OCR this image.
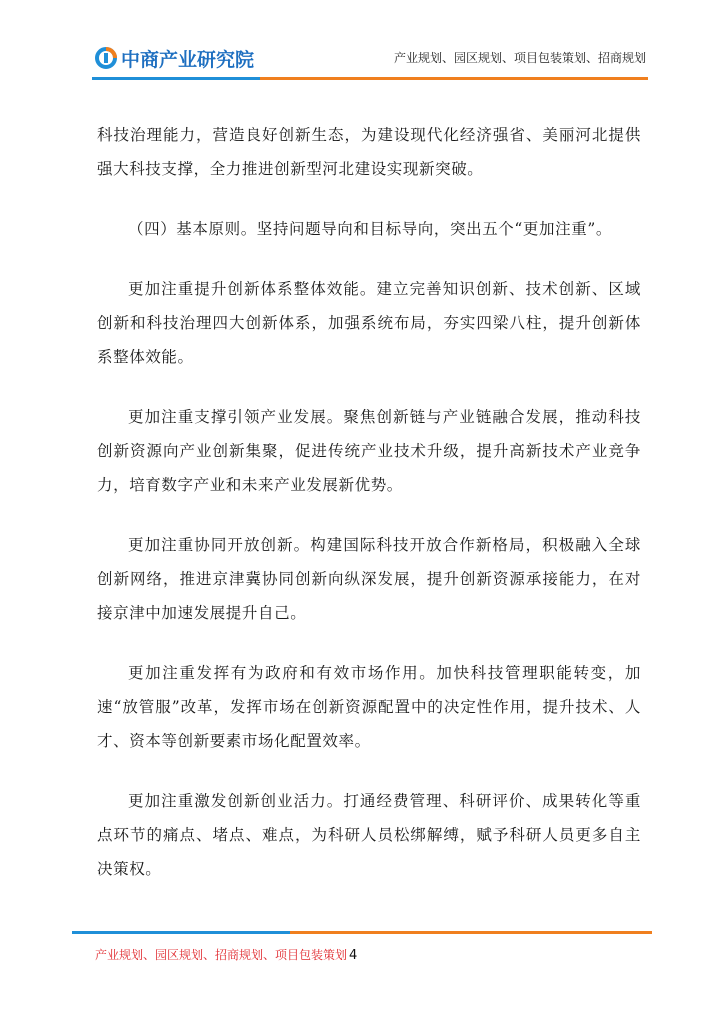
中商产业研究院	产业规划、园区规划、项目包装策划、招商规划

科技治理能力，营造良好创新生态，为建设现代化经济强省、美丽河北提供强大科技支撑，全力推进创新型河北建设实现新突破。

（四）基本原则。坚持问题导向和目标导向，突出五个“更加注重”。

更加注重提升创新体系整体效能。建立完善知识创新、技术创新、区域创新和科技治理四大创新体系，加强系统布局，夯实四梁八柱，提升创新体系整体效能。

更加注重支撑引领产业发展。聚焦创新链与产业链融合发展，推动科技创新资源向产业创新集聚，促进传统产业技术升级，提升高新技术产业竞争力，培育数字产业和未来产业发展新优势。

更加注重协同开放创新。构建国际科技开放合作新格局，积极融入全球创新网络，推进京津冀协同创新向纵深发展，提升创新资源承接能力，在对接京津中加速发展提升自己。

更加注重发挥有为政府和有效市场作用。加快科技管理职能转变，加速“放管服”改革，发挥市场在创新资源配置中的决定性作用，提升技术、人才、资本等创新要素市场化配置效率。

更加注重激发创新创业活力。打通经费管理、科研评价、成果转化等重点环节的痛点、堵点、难点，为科研人员松绑解缚，赋予科研人员更多自主决策权。

产业规划、园区规划、招商规划、项目包装策划 4
